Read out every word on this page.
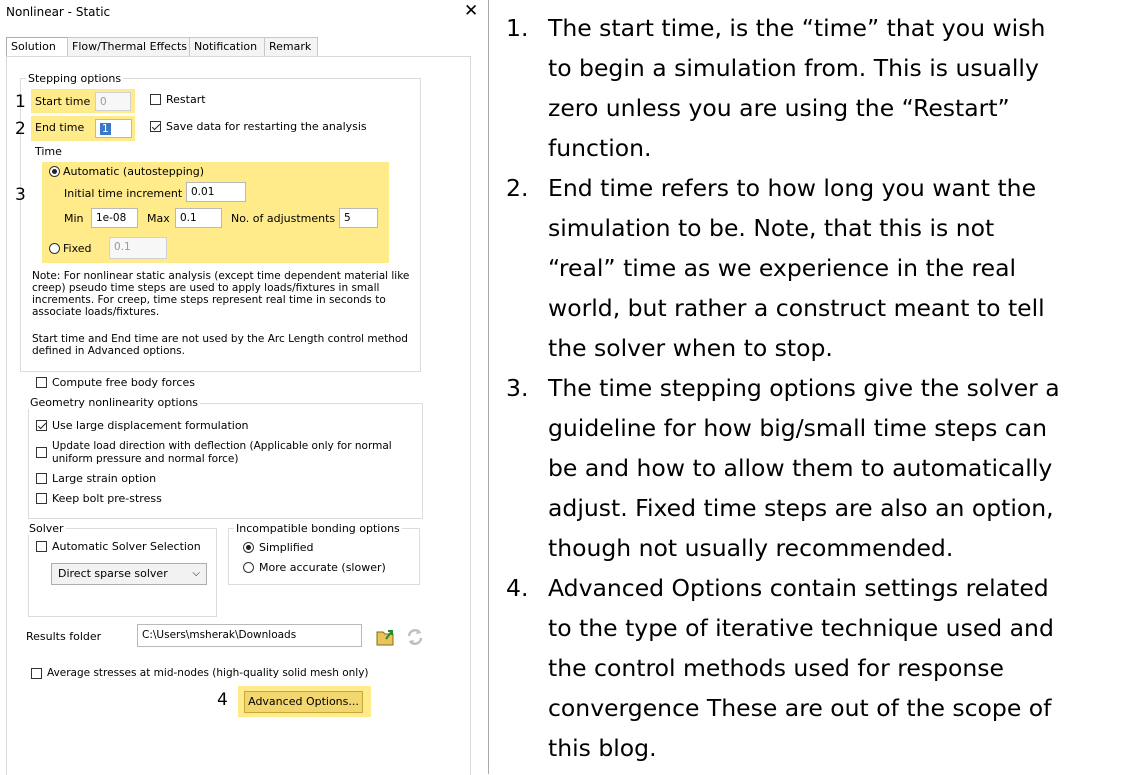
Nonlinear - Static	✕
Solution	Flow/Thermal Effects Notification	Remark
Stepping options
1
2
3
4
Start time 0	Restart
End time	1	Save data for restarting the analysis
Time
Automatic (autostepping)
Initial time increment 0.01
Min	1e-08	Max 0.1	No. of adjustments 5
Fixed	0.1
Note: For nonlinear static analysis (except time dependent material like
creep) pseudo time steps are used to apply loads/fixtures in small
increments. For creep, time steps represent real time in seconds to
associate loads/fixtures.
Start time and End time are not used by the Arc Length control method
defined in Advanced options.
Compute free body forces
Geometry nonlinearity options
Use large displacement formulation
Update load direction with deflection (Applicable only for normal
uniform pressure and normal force)
Large strain option
Keep bolt pre-stress
Solver
Automatic Solver Selection
Direct sparse solver ⌵
Incompatible bonding options
Simplified
More accurate (slower)
Results folder	C:\Users\msherak\Downloads
Average stresses at mid-nodes (high-quality solid mesh only)
Advanced Options...
1. The start time, is the “time” that you wish
to begin a simulation from. This is usually
zero unless you are using the “Restart”
function.
2. End time refers to how long you want the
simulation to be. Note, that this is not
“real” time as we experience in the real
world, but rather a construct meant to tell
the solver when to stop.
3. The time stepping options give the solver a
guideline for how big/small time steps can
be and how to allow them to automatically
adjust. Fixed time steps are also an option,
though not usually recommended.
4. Advanced Options contain settings related
to the type of iterative technique used and
the control methods used for response
convergence These are out of the scope of
this blog.
